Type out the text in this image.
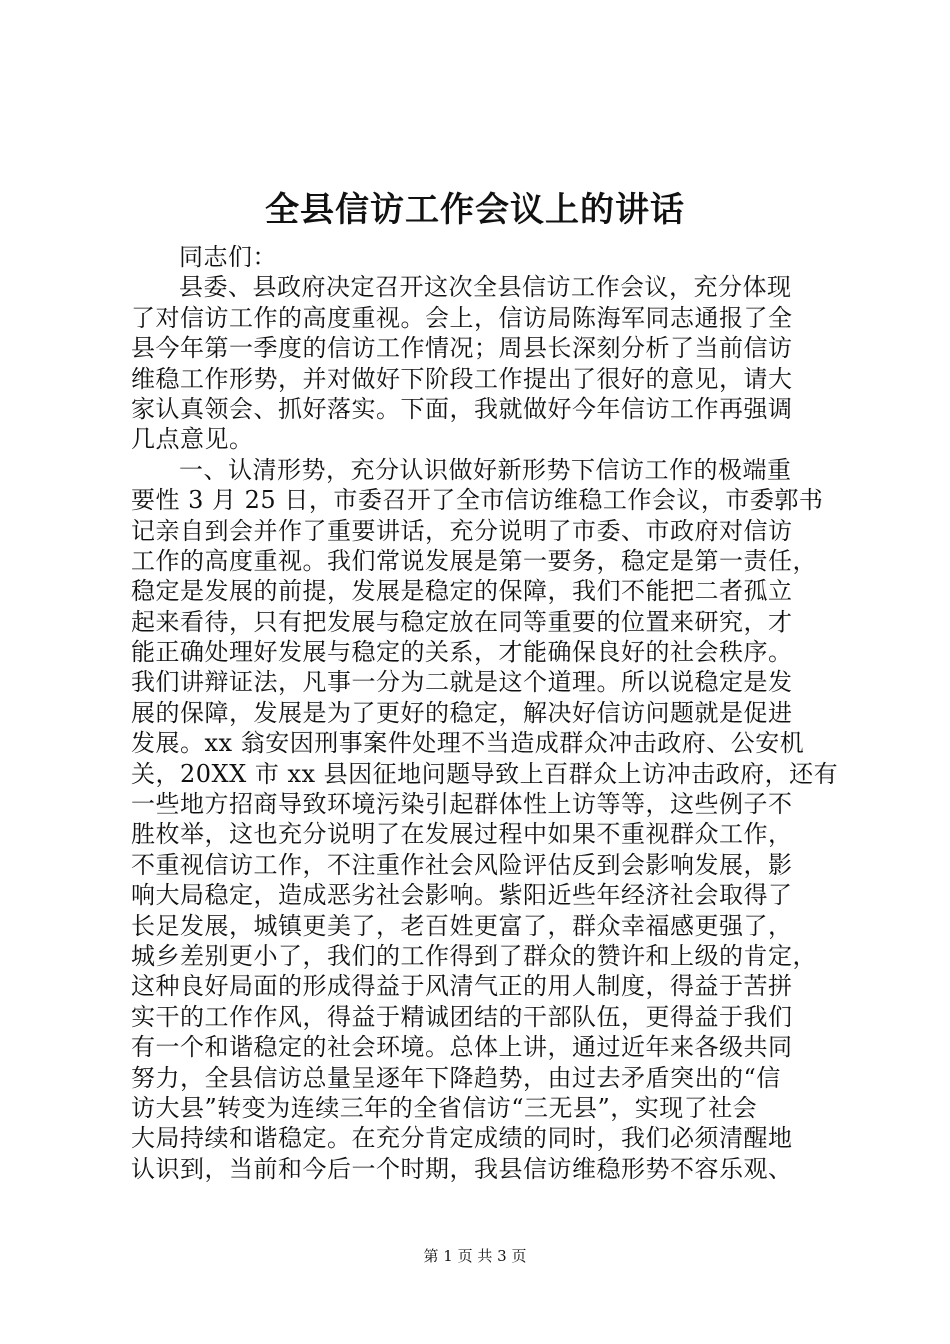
全县信访工作会议上的讲话
同志们：
县委、县政府决定召开这次全县信访工作会议，充分体现
了对信访工作的高度重视。会上，信访局陈海军同志通报了全
县今年第一季度的信访工作情况；周县长深刻分析了当前信访
维稳工作形势，并对做好下阶段工作提出了很好的意见，请大
家认真领会、抓好落实。下面，我就做好今年信访工作再强调
几点意见。
一、认清形势，充分认识做好新形势下信访工作的极端重
要性 3 月 25 日，市委召开了全市信访维稳工作会议，市委郭书
记亲自到会并作了重要讲话，充分说明了市委、市政府对信访
工作的高度重视。我们常说发展是第一要务，稳定是第一责任，
稳定是发展的前提，发展是稳定的保障，我们不能把二者孤立
起来看待，只有把发展与稳定放在同等重要的位置来研究，才
能正确处理好发展与稳定的关系，才能确保良好的社会秩序。
我们讲辩证法，凡事一分为二就是这个道理。所以说稳定是发
展的保障，发展是为了更好的稳定，解决好信访问题就是促进
发展。xx 翁安因刑事案件处理不当造成群众冲击政府、公安机
关，20XX 市 xx 县因征地问题导致上百群众上访冲击政府，还有
一些地方招商导致环境污染引起群体性上访等等，这些例子不
胜枚举，这也充分说明了在发展过程中如果不重视群众工作，
不重视信访工作，不注重作社会风险评估反到会影响发展，影
响大局稳定，造成恶劣社会影响。紫阳近些年经济社会取得了
长足发展，城镇更美了，老百姓更富了，群众幸福感更强了，
城乡差别更小了，我们的工作得到了群众的赞许和上级的肯定，
这种良好局面的形成得益于风清气正的用人制度，得益于苦拼
实干的工作作风，得益于精诚团结的干部队伍，更得益于我们
有一个和谐稳定的社会环境。总体上讲，通过近年来各级共同
努力，全县信访总量呈逐年下降趋势，由过去矛盾突出的“信
访大县”转变为连续三年的全省信访“三无县”，实现了社会
大局持续和谐稳定。在充分肯定成绩的同时，我们必须清醒地
认识到，当前和今后一个时期，我县信访维稳形势不容乐观、
第 1 页 共 3 页
